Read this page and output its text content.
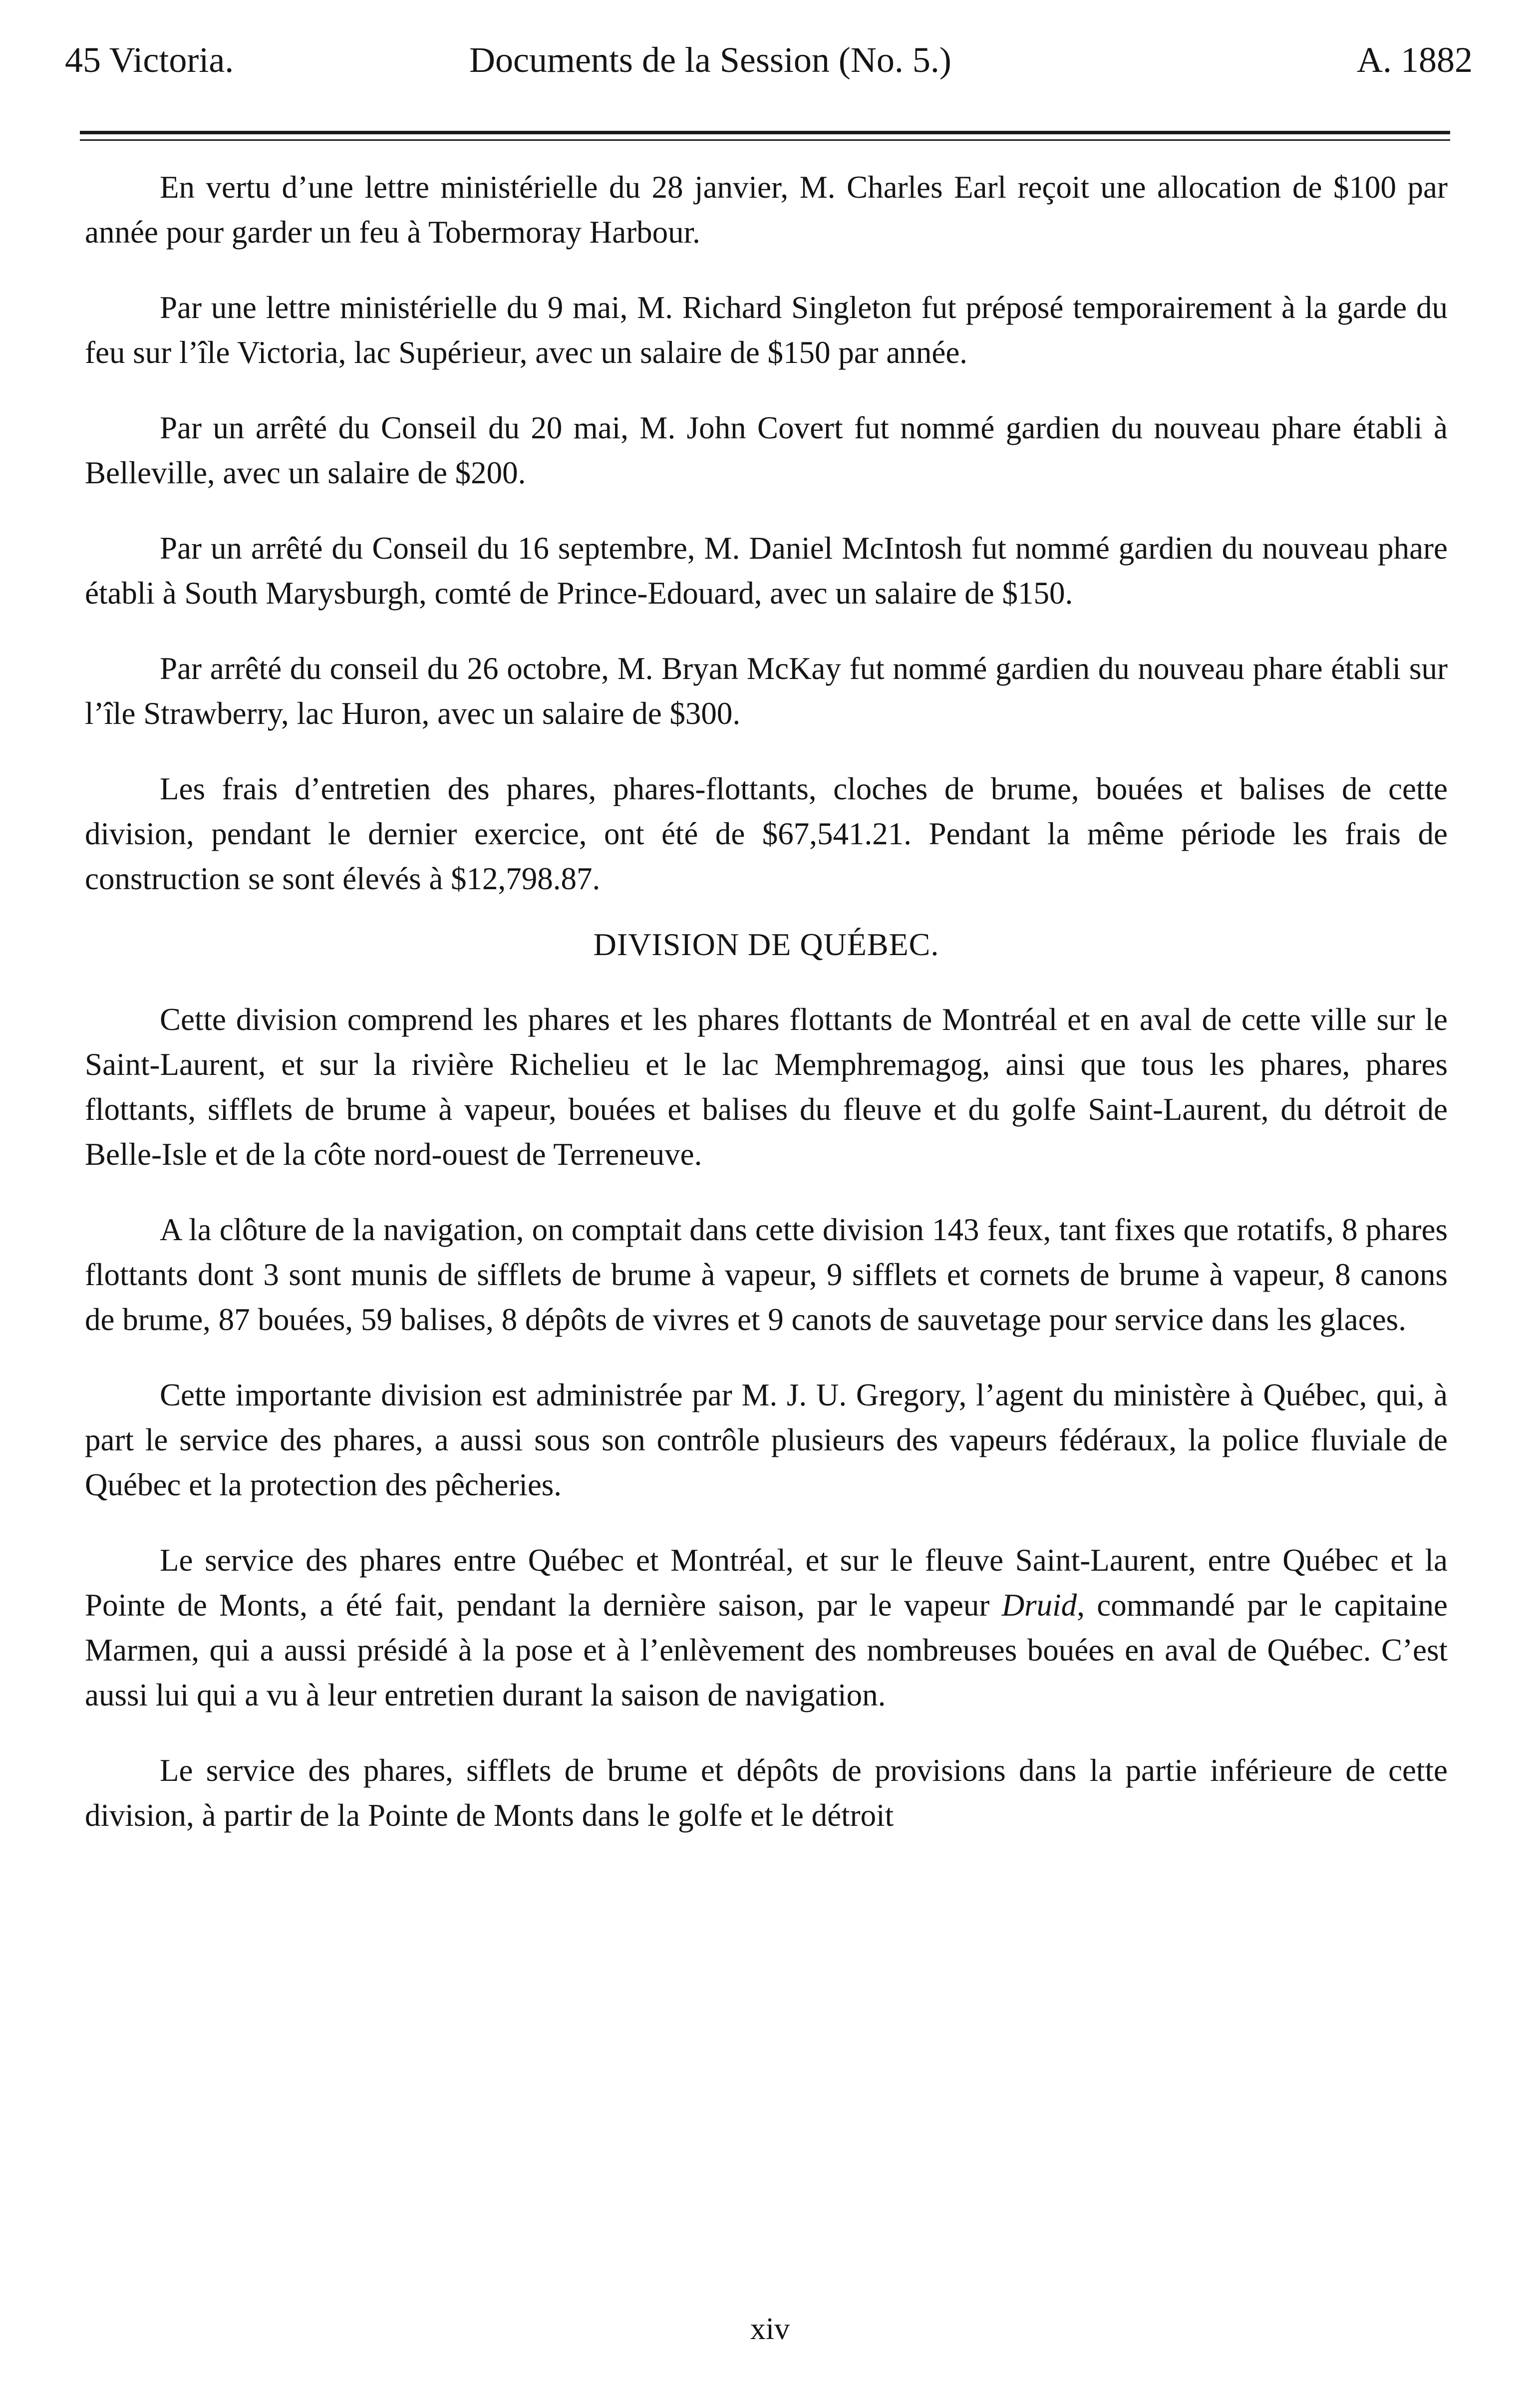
45 Victoria.	Documents de la Session (No. 5.)	A. 1882

En vertu d’une lettre ministérielle du 28 janvier, M. Charles Earl reçoit une allocation de $100 par année pour garder un feu à Tobermoray Harbour.

Par une lettre ministérielle du 9 mai, M. Richard Singleton fut préposé temporairement à la garde du feu sur l’île Victoria, lac Supérieur, avec un salaire de $150 par année.

Par un arrêté du Conseil du 20 mai, M. John Covert fut nommé gardien du nouveau phare établi à Belleville, avec un salaire de $200.

Par un arrêté du Conseil du 16 septembre, M. Daniel McIntosh fut nommé gardien du nouveau phare établi à South Marysburgh, comté de Prince-Edouard, avec un salaire de $150.

Par arrêté du conseil du 26 octobre, M. Bryan McKay fut nommé gardien du nouveau phare établi sur l’île Strawberry, lac Huron, avec un salaire de $300.

Les frais d’entretien des phares, phares-flottants, cloches de brume, bouées et balises de cette division, pendant le dernier exercice, ont été de $67,541.21. Pendant la même période les frais de construction se sont élevés à $12,798.87.

DIVISION DE QUÉBEC.

Cette division comprend les phares et les phares flottants de Montréal et en aval de cette ville sur le Saint-Laurent, et sur la rivière Richelieu et le lac Memphremagog, ainsi que tous les phares, phares flottants, sifflets de brume à vapeur, bouées et balises du fleuve et du golfe Saint-Laurent, du détroit de Belle-Isle et de la côte nord-ouest de Terreneuve.

A la clôture de la navigation, on comptait dans cette division 143 feux, tant fixes que rotatifs, 8 phares flottants dont 3 sont munis de sifflets de brume à vapeur, 9 sifflets et cornets de brume à vapeur, 8 canons de brume, 87 bouées, 59 balises, 8 dépôts de vivres et 9 canots de sauvetage pour service dans les glaces.

Cette importante division est administrée par M. J. U. Gregory, l’agent du ministère à Québec, qui, à part le service des phares, a aussi sous son contrôle plusieurs des vapeurs fédéraux, la police fluviale de Québec et la protection des pêcheries.

Le service des phares entre Québec et Montréal, et sur le fleuve Saint-Laurent, entre Québec et la Pointe de Monts, a été fait, pendant la dernière saison, par le vapeur Druid, commandé par le capitaine Marmen, qui a aussi présidé à la pose et à l’enlèvement des nombreuses bouées en aval de Québec. C’est aussi lui qui a vu à leur entretien durant la saison de navigation.

Le service des phares, sifflets de brume et dépôts de provisions dans la partie inférieure de cette division, à partir de la Pointe de Monts dans le golfe et le détroit

xiv
